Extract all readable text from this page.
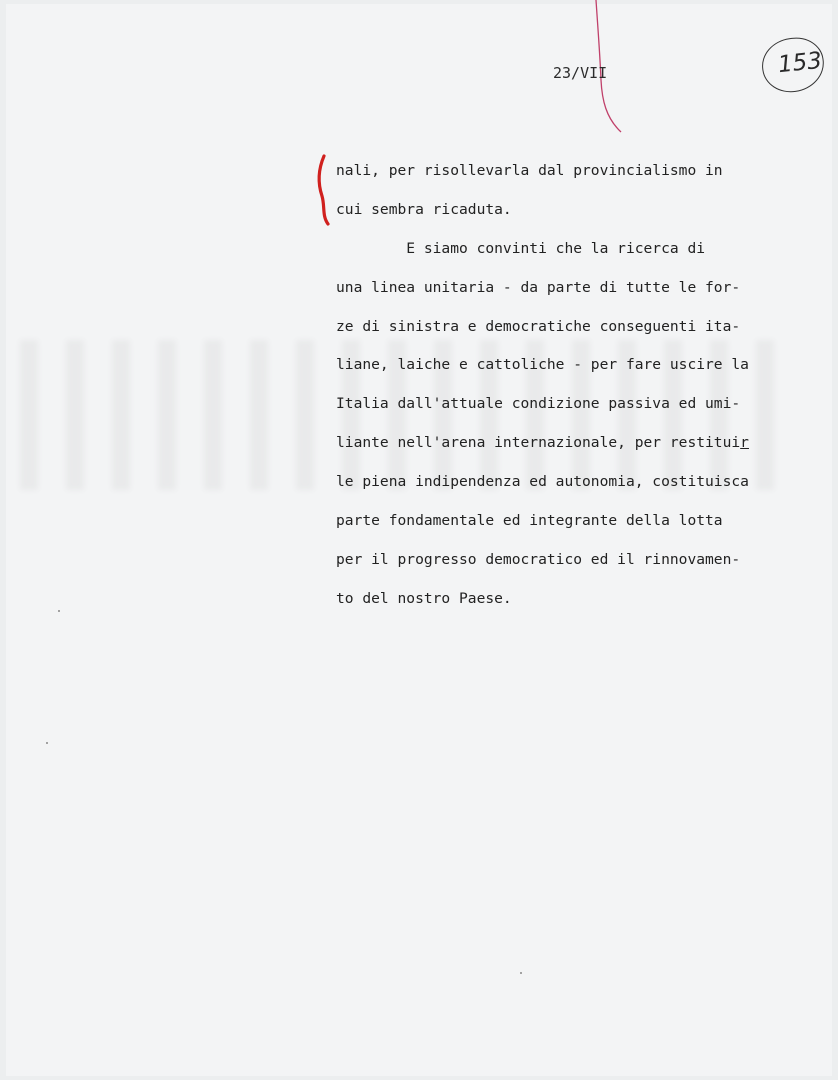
23/VII	153
nali, per risollevarla dal provincialismo in
cui sembra ricaduta.
E siamo convinti che la ricerca di
una linea unitaria - da parte di tutte le for-
ze di sinistra e democratiche conseguenti ita-
liane, laiche e cattoliche - per fare uscire la
Italia dall'attuale condizione passiva ed umi-
liante nell'arena internazionale, per restituir
le piena indipendenza ed autonomia, costituisca
parte fondamentale ed integrante della lotta
per il progresso democratico ed il rinnovamen-
to del nostro Paese.
